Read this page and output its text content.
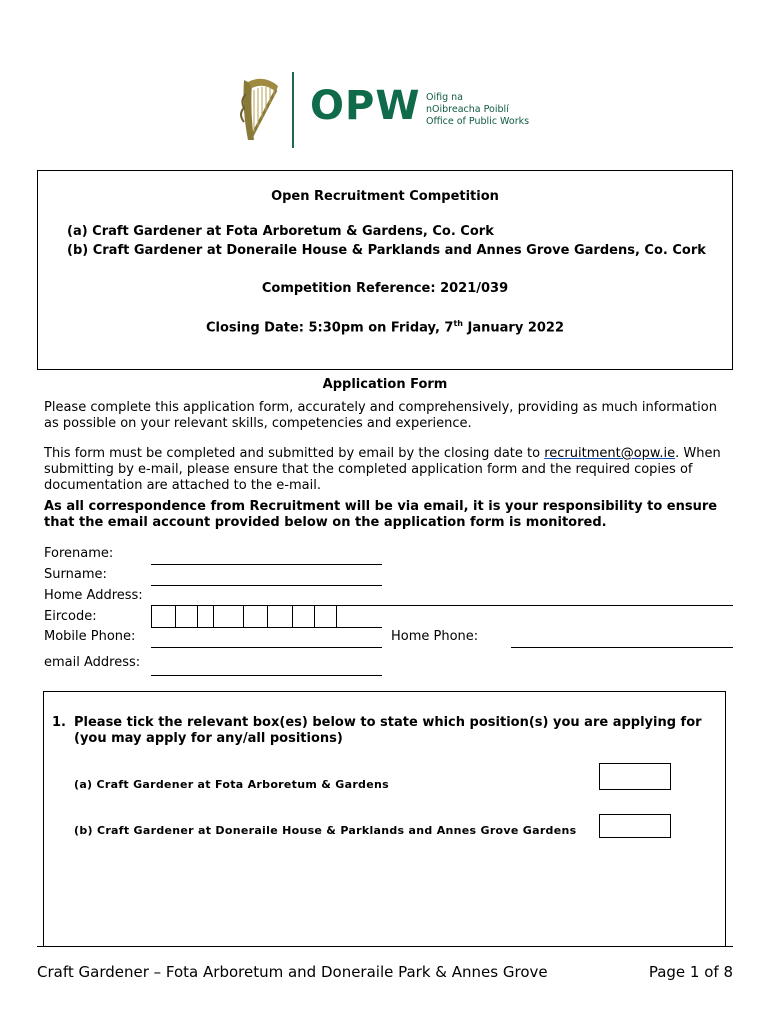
OPW Oifig na
nOibreacha Poiblí
Office of Public Works
Open Recruitment Competition
(a) Craft Gardener at Fota Arboretum & Gardens, Co. Cork
(b) Craft Gardener at Doneraile House & Parklands and Annes Grove Gardens, Co. Cork
Competition Reference: 2021/039
Closing Date: 5:30pm on Friday, 7th January 2022
Application Form
Please complete this application form, accurately and comprehensively, providing as much information as possible on your relevant skills, competencies and experience.
This form must be completed and submitted by email by the closing date to recruitment@opw.ie. When submitting by e-mail, please ensure that the completed application form and the required copies of documentation are attached to the e-mail.
As all correspondence from Recruitment will be via email, it is your responsibility to ensure that the email account provided below on the application form is monitored.
Forename:
Surname:
Home Address:
Eircode:
Mobile Phone:	Home Phone:
email Address:
1. Please tick the relevant box(es) below to state which position(s) you are applying for (you may apply for any/all positions)
(a) Craft Gardener at Fota Arboretum & Gardens
(b) Craft Gardener at Doneraile House & Parklands and Annes Grove Gardens
Craft Gardener – Fota Arboretum and Doneraile Park & Annes Grove	Page 1 of 8
